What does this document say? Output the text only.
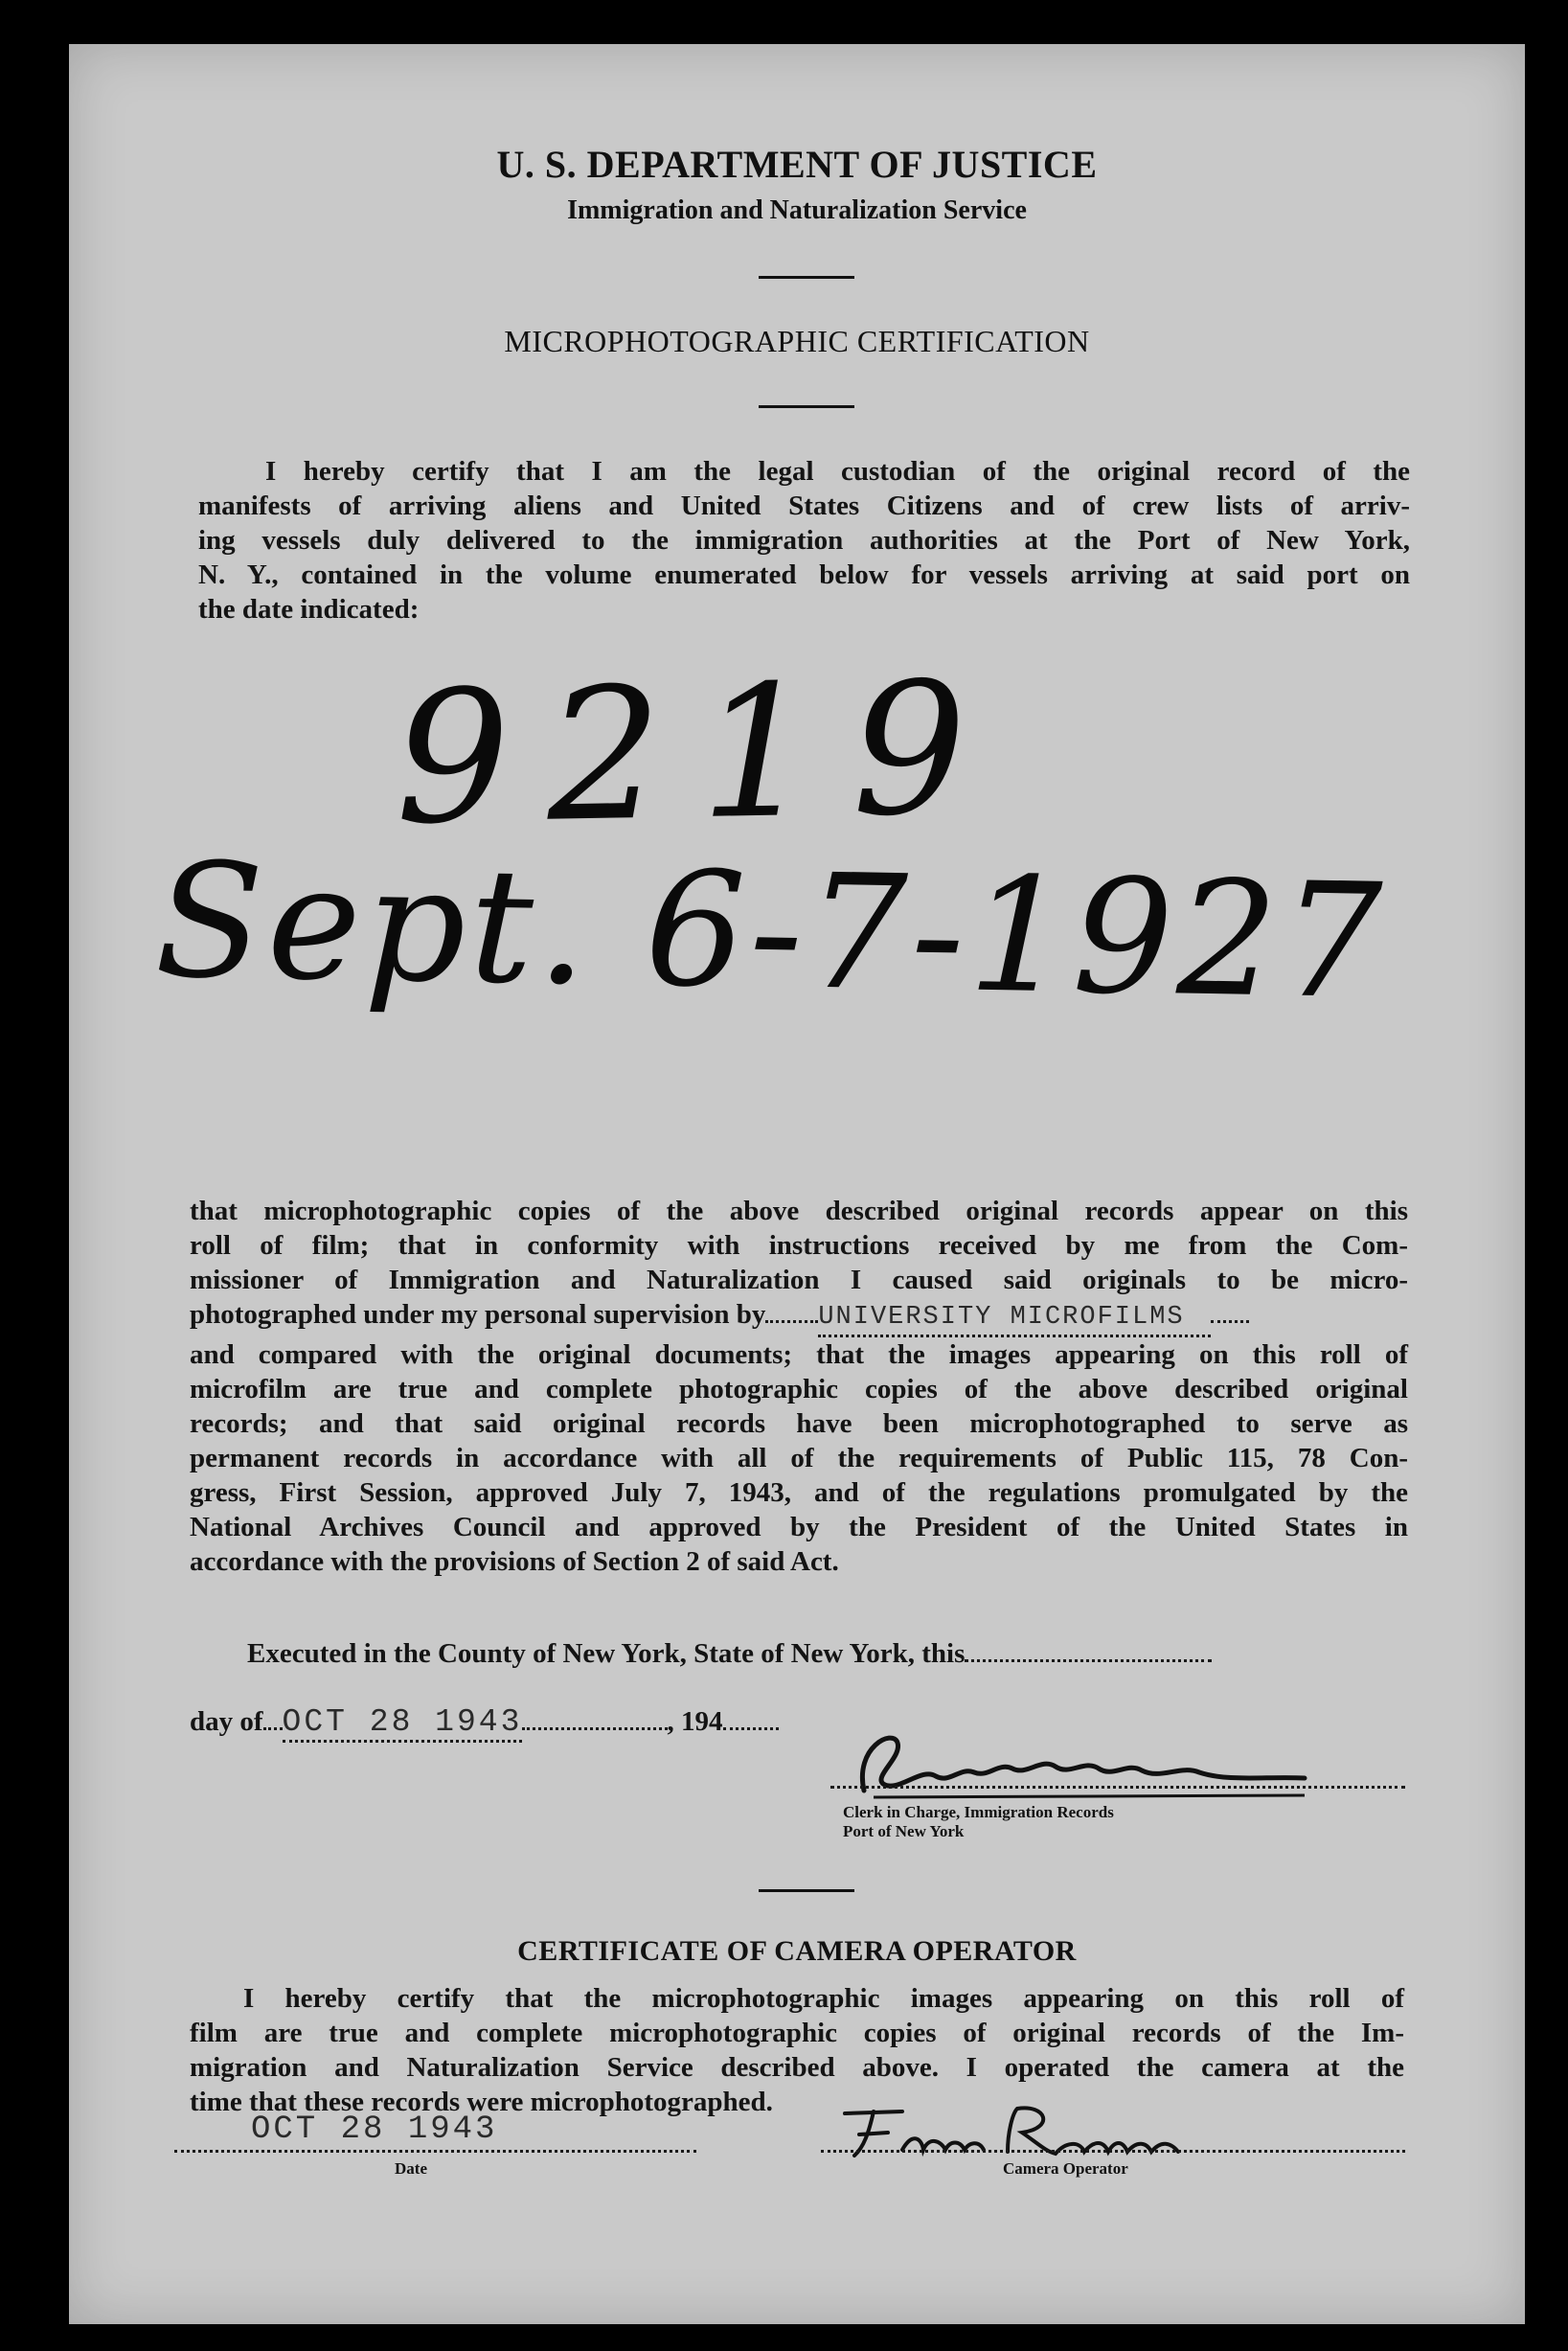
U. S. DEPARTMENT OF JUSTICE
Immigration and Naturalization Service
MICROPHOTOGRAPHIC CERTIFICATION
I hereby certify that I am the legal custodian of the original record of the
manifests of arriving aliens and United States Citizens and of crew lists of arriv-
ing vessels duly delivered to the immigration authorities at the Port of New York,
N. Y., contained in the volume enumerated below for vessels arriving at said port on
the date indicated:
9219
Sept. 6-7-1927
that microphotographic copies of the above described original records appear on this
roll of film; that in conformity with instructions received by me from the Com-
missioner of Immigration and Naturalization I caused said originals to be micro-
photographed under my personal supervision by UNIVERSITY MICROFILMS
and compared with the original documents; that the images appearing on this roll of
microfilm are true and complete photographic copies of the above described original
records; and that said original records have been microphotographed to serve as
permanent records in accordance with all of the requirements of Public 115, 78 Con-
gress, First Session, approved July 7, 1943, and of the regulations promulgated by the
National Archives Council and approved by the President of the United States in
accordance with the provisions of Section 2 of said Act.
Executed in the County of New York, State of New York, this
day of OCT 28 1943	, 194
Clerk in Charge, Immigration Records
Port of New York
CERTIFICATE OF CAMERA OPERATOR
I hereby certify that the microphotographic images appearing on this roll of
film are true and complete microphotographic copies of original records of the Im-
migration and Naturalization Service described above. I operated the camera at the
time that these records were microphotographed.
OCT 28 1943
Date	Camera Operator
